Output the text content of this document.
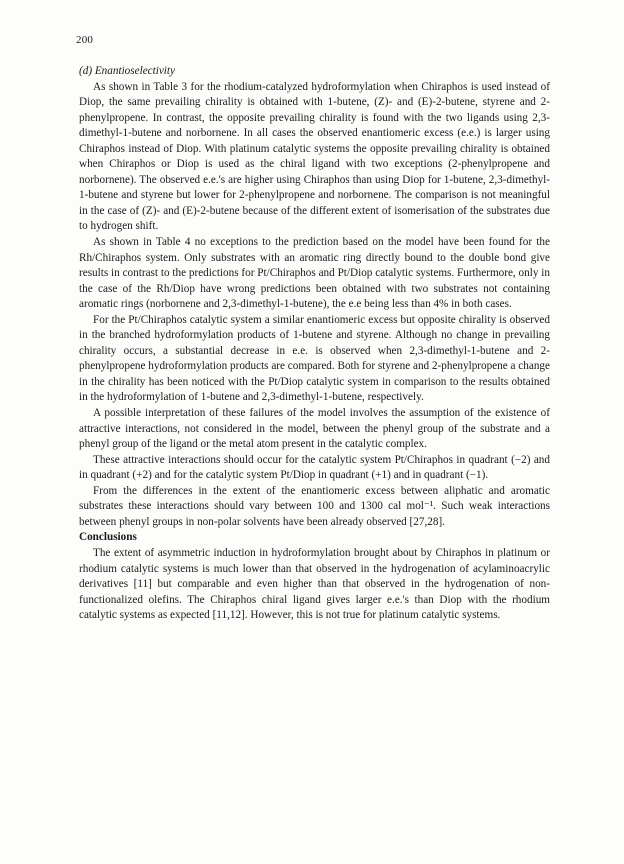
200

(d) Enantioselectivity

As shown in Table 3 for the rhodium-catalyzed hydroformylation when Chiraphos is used instead of Diop, the same prevailing chirality is obtained with 1-butene, (Z)- and (E)-2-butene, styrene and 2-phenylpropene. In contrast, the opposite prevailing chirality is found with the two ligands using 2,3-dimethyl-1-butene and norbornene. In all cases the observed enantiomeric excess (e.e.) is larger using Chiraphos instead of Diop. With platinum catalytic systems the opposite prevailing chirality is obtained when Chiraphos or Diop is used as the chiral ligand with two exceptions (2-phenylpropene and norbornene). The observed e.e.'s are higher using Chiraphos than using Diop for 1-butene, 2,3-dimethyl-1-butene and styrene but lower for 2-phenylpropene and norbornene. The comparison is not meaningful in the case of (Z)- and (E)-2-butene because of the different extent of isomerisation of the substrates due to hydrogen shift.

As shown in Table 4 no exceptions to the prediction based on the model have been found for the Rh/Chiraphos system. Only substrates with an aromatic ring directly bound to the double bond give results in contrast to the predictions for Pt/Chiraphos and Pt/Diop catalytic systems. Furthermore, only in the case of the Rh/Diop have wrong predictions been obtained with two substrates not containing aromatic rings (norbornene and 2,3-dimethyl-1-butene), the e.e being less than 4% in both cases.

For the Pt/Chiraphos catalytic system a similar enantiomeric excess but opposite chirality is observed in the branched hydroformylation products of 1-butene and styrene. Although no change in prevailing chirality occurs, a substantial decrease in e.e. is observed when 2,3-dimethyl-1-butene and 2-phenylpropene hydroformylation products are compared. Both for styrene and 2-phenylpropene a change in the chirality has been noticed with the Pt/Diop catalytic system in comparison to the results obtained in the hydroformylation of 1-butene and 2,3-dimethyl-1-butene, respectively.

A possible interpretation of these failures of the model involves the assumption of the existence of attractive interactions, not considered in the model, between the phenyl group of the substrate and a phenyl group of the ligand or the metal atom present in the catalytic complex.

These attractive interactions should occur for the catalytic system Pt/Chiraphos in quadrant (−2) and in quadrant (+2) and for the catalytic system Pt/Diop in quadrant (+1) and in quadrant (−1).

From the differences in the extent of the enantiomeric excess between aliphatic and aromatic substrates these interactions should vary between 100 and 1300 cal mol⁻¹. Such weak interactions between phenyl groups in non-polar solvents have been already observed [27,28].

Conclusions

The extent of asymmetric induction in hydroformylation brought about by Chiraphos in platinum or rhodium catalytic systems is much lower than that observed in the hydrogenation of acylaminoacrylic derivatives [11] but comparable and even higher than that observed in the hydrogenation of non-functionalized olefins. The Chiraphos chiral ligand gives larger e.e.'s than Diop with the rhodium catalytic systems as expected [11,12]. However, this is not true for platinum catalytic systems.
